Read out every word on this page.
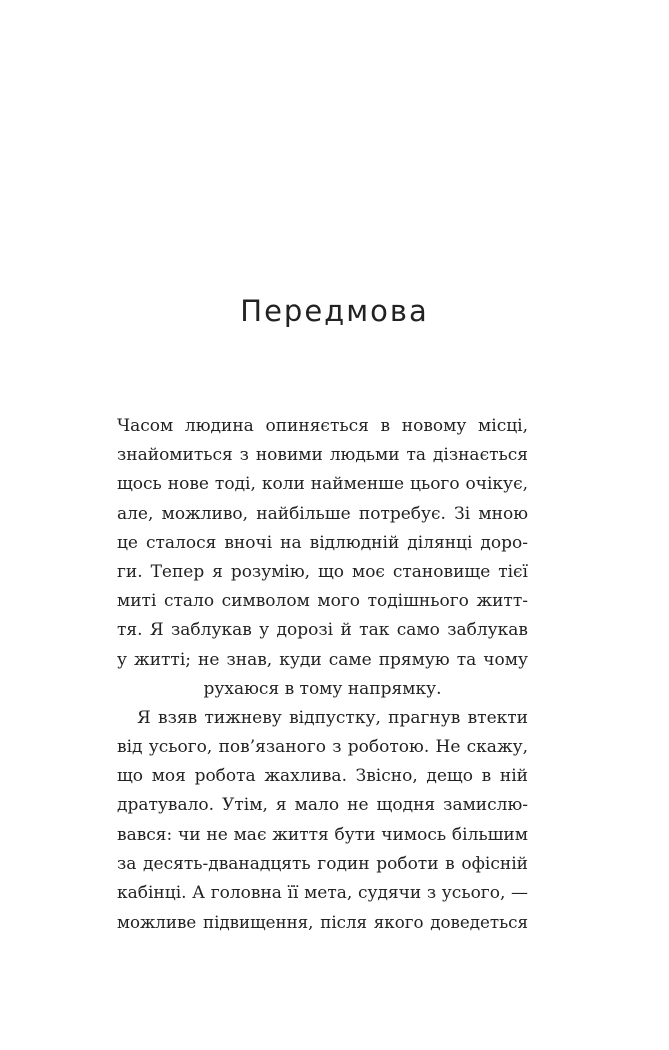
Передмова
Часом людина опиняється в новому місці,
знайомиться з новими людьми та дізнається
щось нове тоді, коли найменше цього очікує,
але, можливо, найбільше потребує. Зі мною
це сталося вночі на відлюдній ділянці доро-
ги. Тепер я розумію, що моє становище тієї
миті стало символом мого тодішнього житт-
тя. Я заблукав у дорозі й так само заблукав
у житті; не знав, куди саме прямую та чому
рухаюся в тому напрямку.
Я взяв тижневу відпустку, прагнув втекти
від усього, пов’язаного з роботою. Не скажу,
що моя робота жахлива. Звісно, дещо в ній
дратувало. Утім, я мало не щодня замислю-
вався: чи не має життя бути чимось більшим
за десять-дванадцять годин роботи в офісній
кабінці. А головна її мета, судячи з усього, —
можливе підвищення, після якого доведеться
